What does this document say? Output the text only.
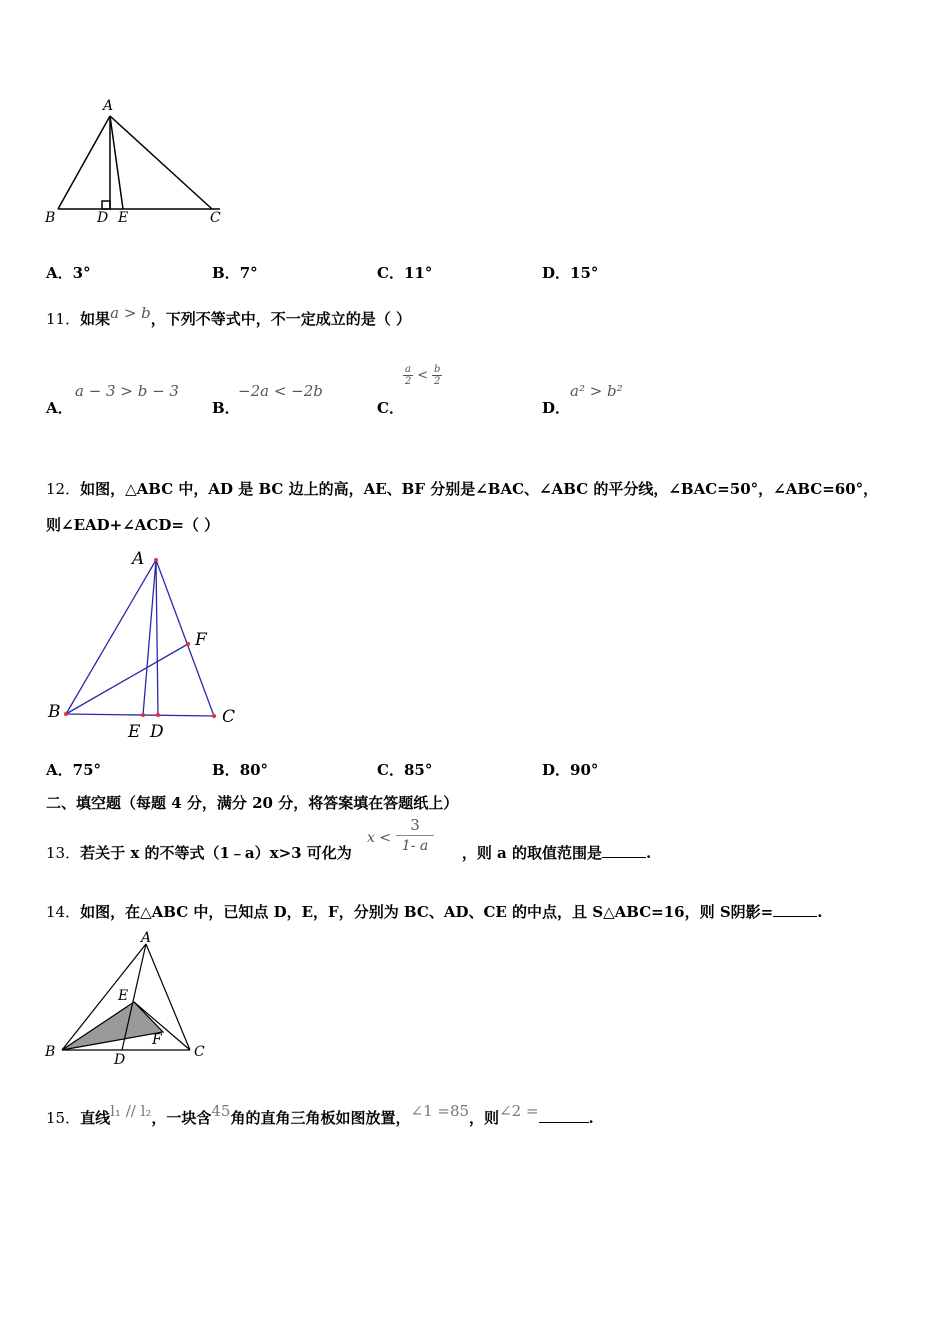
A
B	D E	C
A．3°	B．7°	C．11°	D．15°
11．如果a > b，下列不等式中，不一定成立的是（ ）
A．
a − 3 > b − 3
B．
−2a < −2b
C．
$\frac{a}{2} < \frac{b}{2}$
D．
a² > b²
12．如图，△ABC 中，AD 是 BC 边上的高，AE、BF 分别是∠BAC、∠ABC 的平分线，∠BAC=50°，∠ABC=60°，
则∠EAD+∠ACD=（ ）
A
F
B	C
E D
A．75°	B．80°	C．85°	D．90°
二、填空题（每题 4 分，满分 20 分，将答案填在答题纸上）
13．若关于 x 的不等式（1﹣a）x>3 可化为	，则 a 的取值范围是	.
x <
3
1- a
14．如图，在△ABC 中，已知点 D，E，F，分别为 BC、AD、CE 的中点，且 S△ABC=16，则 S阴影=	.
A
E
F
B	D	C
15．直线l₁ // l₂，一块含45角的直角三角板如图放置，∠1 =85，则∠2 =	.
